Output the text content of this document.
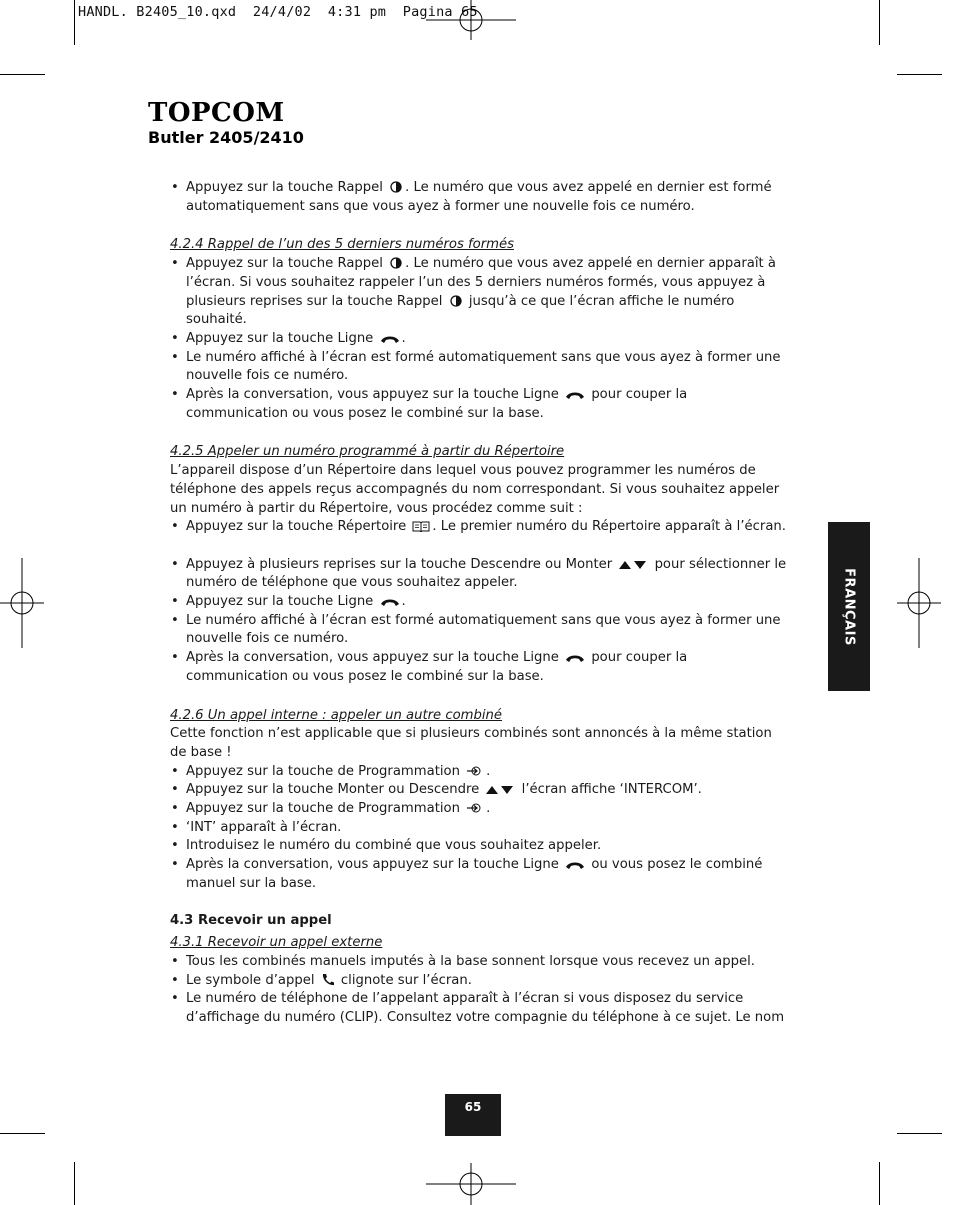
HANDL. B2405_10.qxd  24/4/02  4:31 pm  Pagina 65
TOPCOM
Butler 2405/2410

• Appuyez sur la touche Rappel . Le numéro que vous avez appelé en dernier est formé automatiquement sans que vous ayez à former une nouvelle fois ce numéro.

4.2.4 Rappel de l’un des 5 derniers numéros formés

• Appuyez sur la touche Rappel . Le numéro que vous avez appelé en dernier apparaît à l’écran. Si vous souhaitez rappeler l’un des 5 derniers numéros formés, vous appuyez à plusieurs reprises sur la touche Rappel jusqu’à ce que l’écran affiche le numéro souhaité.

• Appuyez sur la touche Ligne .

• Le numéro affiché à l’écran est formé automatiquement sans que vous ayez à former une nouvelle fois ce numéro.

• Après la conversation, vous appuyez sur la touche Ligne pour couper la communication ou vous posez le combiné sur la base.

4.2.5 Appeler un numéro programmé à partir du Répertoire

L’appareil dispose d’un Répertoire dans lequel vous pouvez programmer les numéros de téléphone des appels reçus accompagnés du nom correspondant. Si vous souhaitez appeler un numéro à partir du Répertoire, vous procédez comme suit :

• Appuyez sur la touche Répertoire . Le premier numéro du Répertoire apparaît à l’écran.

• Appuyez à plusieurs reprises sur la touche Descendre ou Monter	pour sélectionner le numéro de téléphone que vous souhaitez appeler.

• Appuyez sur la touche Ligne .

• Le numéro affiché à l’écran est formé automatiquement sans que vous ayez à former une nouvelle fois ce numéro.

• Après la conversation, vous appuyez sur la touche Ligne pour couper la communication ou vous posez le combiné sur la base.

4.2.6 Un appel interne : appeler un autre combiné

Cette fonction n’est applicable que si plusieurs combinés sont annoncés à la même station de base !

• Appuyez sur la touche de Programmation .

• Appuyez sur la touche Monter ou Descendre	l’écran affiche ‘INTERCOM’.

• Appuyez sur la touche de Programmation .

• ‘INT’ apparaît à l’écran.

• Introduisez le numéro du combiné que vous souhaitez appeler.

• Après la conversation, vous appuyez sur la touche Ligne ou vous posez le combiné manuel sur la base.

4.3 Recevoir un appel

4.3.1 Recevoir un appel externe

• Tous les combinés manuels imputés à la base sonnent lorsque vous recevez un appel.

• Le symbole d’appel clignote sur l’écran.

• Le numéro de téléphone de l’appelant apparaît à l’écran si vous disposez du service d’affichage du numéro (CLIP). Consultez votre compagnie du téléphone à ce sujet. Le nom

FRANÇAIS
65
